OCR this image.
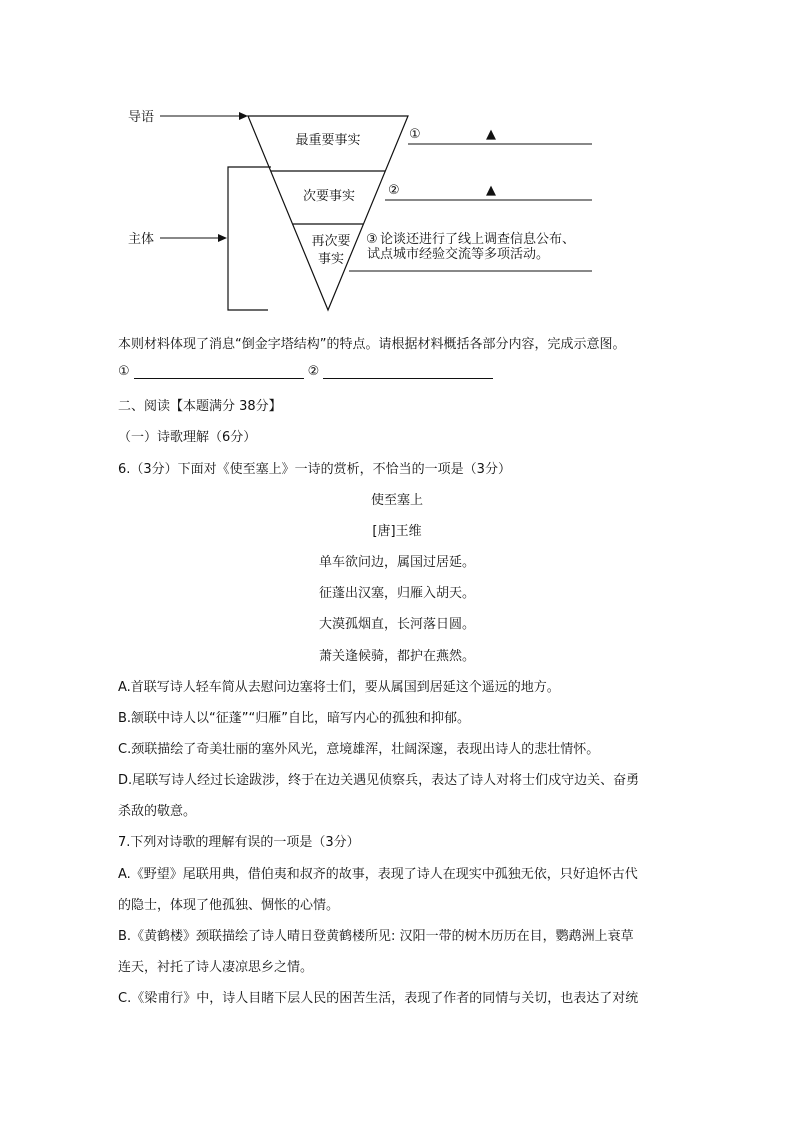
导语
主体
最重要事实
次要事实
再次要
事实
①	▲
②	▲
③ 论谈还进行了线上调查信息公布、
试点城市经验交流等多项活动。
本则材料体现了消息“倒金字塔结构”的特点。请根据材料概括各部分内容，完成示意图。
①	②
二、阅读【本题满分 38分】
（一）诗歌理解（6分）
6.（3分）下面对《使至塞上》一诗的赏析，不恰当的一项是（3分）
使至塞上
[唐]王维
单车欲问边，属国过居延。
征蓬出汉塞，归雁入胡天。
大漠孤烟直，长河落日圆。
萧关逢候骑，都护在燕然。
A.首联写诗人轻车简从去慰问边塞将士们，要从属国到居延这个遥远的地方。
B.颔联中诗人以“征蓬”“归雁”自比，暗写内心的孤独和抑郁。
C.颈联描绘了奇美壮丽的塞外风光，意境雄浑，壮阔深邃，表现出诗人的悲壮情怀。
D.尾联写诗人经过长途跋涉，终于在边关遇见侦察兵，表达了诗人对将士们戍守边关、奋勇
杀敌的敬意。
7.下列对诗歌的理解有误的一项是（3分）
A.《野望》尾联用典，借伯夷和叔齐的故事，表现了诗人在现实中孤独无依，只好追怀古代
的隐士，体现了他孤独、惆怅的心情。
B.《黄鹤楼》颈联描绘了诗人晴日登黄鹤楼所见: 汉阳一带的树木历历在目，鹦鹉洲上衰草
连天，衬托了诗人凄凉思乡之情。
C.《梁甫行》中，诗人目睹下层人民的困苦生活，表现了作者的同情与关切，也表达了对统
